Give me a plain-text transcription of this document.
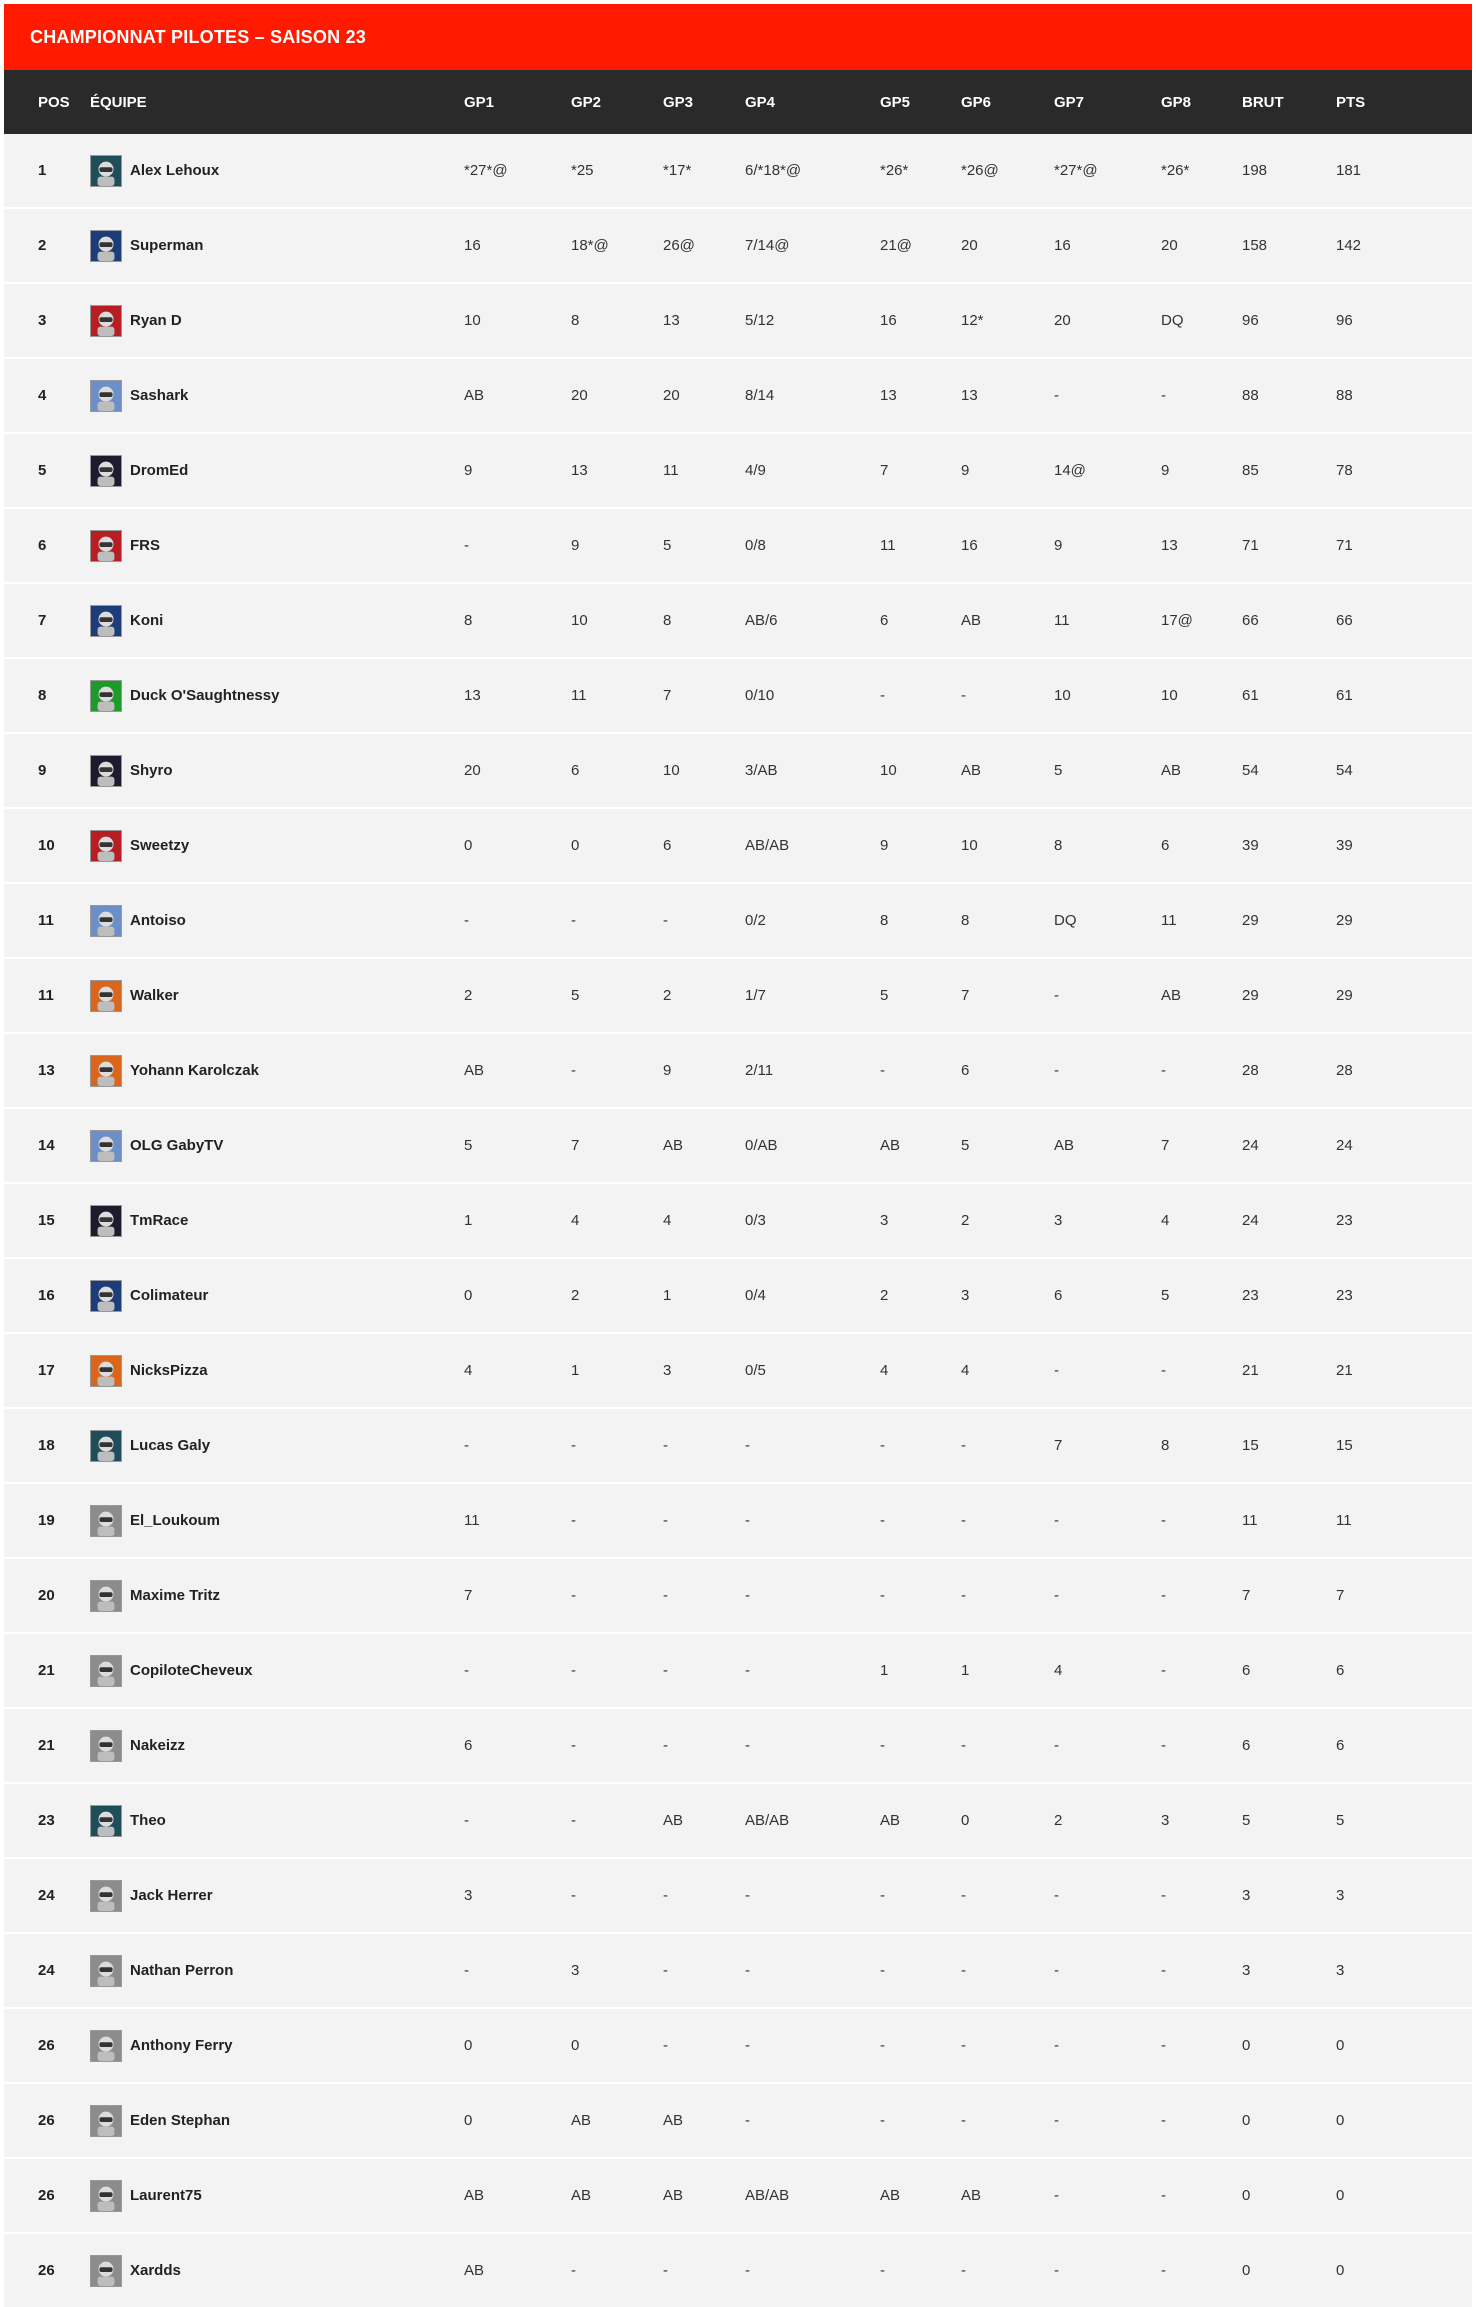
CHAMPIONNAT PILOTES – SAISON 23
POS	ÉQUIPE	GP1	GP2	GP3	GP4	GP5	GP6	GP7	GP8	BRUT	PTS
1	Alex Lehoux	*27*@	*25	*17*	6/*18*@	*26*	*26@	*27*@	*26*	198	181
2	Superman	16	18*@	26@	7/14@	21@	20	16	20	158	142
3	Ryan D	10	8	13	5/12	16	12*	20	DQ	96	96
4	Sashark	AB	20	20	8/14	13	13	-	-	88	88
5	DromEd	9	13	11	4/9	7	9	14@	9	85	78
6	FRS	-	9	5	0/8	11	16	9	13	71	71
7	Koni	8	10	8	AB/6	6	AB	11	17@	66	66
8	Duck O'Saughtnessy	13	11	7	0/10	-	-	10	10	61	61
9	Shyro	20	6	10	3/AB	10	AB	5	AB	54	54
10	Sweetzy	0	0	6	AB/AB	9	10	8	6	39	39
11	Antoiso	-	-	-	0/2	8	8	DQ	11	29	29
11	Walker	2	5	2	1/7	5	7	-	AB	29	29
13	Yohann Karolczak	AB	-	9	2/11	-	6	-	-	28	28
14	OLG GabyTV	5	7	AB	0/AB	AB	5	AB	7	24	24
15	TmRace	1	4	4	0/3	3	2	3	4	24	23
16	Colimateur	0	2	1	0/4	2	3	6	5	23	23
17	NicksPizza	4	1	3	0/5	4	4	-	-	21	21
18	Lucas Galy	-	-	-	-	-	-	7	8	15	15
19	El_Loukoum	11	-	-	-	-	-	-	-	11	11
20	Maxime Tritz	7	-	-	-	-	-	-	-	7	7
21	CopiloteCheveux	-	-	-	-	1	1	4	-	6	6
21	Nakeizz	6	-	-	-	-	-	-	-	6	6
23	Theo	-	-	AB	AB/AB	AB	0	2	3	5	5
24	Jack Herrer	3	-	-	-	-	-	-	-	3	3
24	Nathan Perron	-	3	-	-	-	-	-	-	3	3
26	Anthony Ferry	0	0	-	-	-	-	-	-	0	0
26	Eden Stephan	0	AB	AB	-	-	-	-	-	0	0
26	Laurent75	AB	AB	AB	AB/AB	AB	AB	-	-	0	0
26	Xardds	AB	-	-	-	-	-	-	-	0	0
